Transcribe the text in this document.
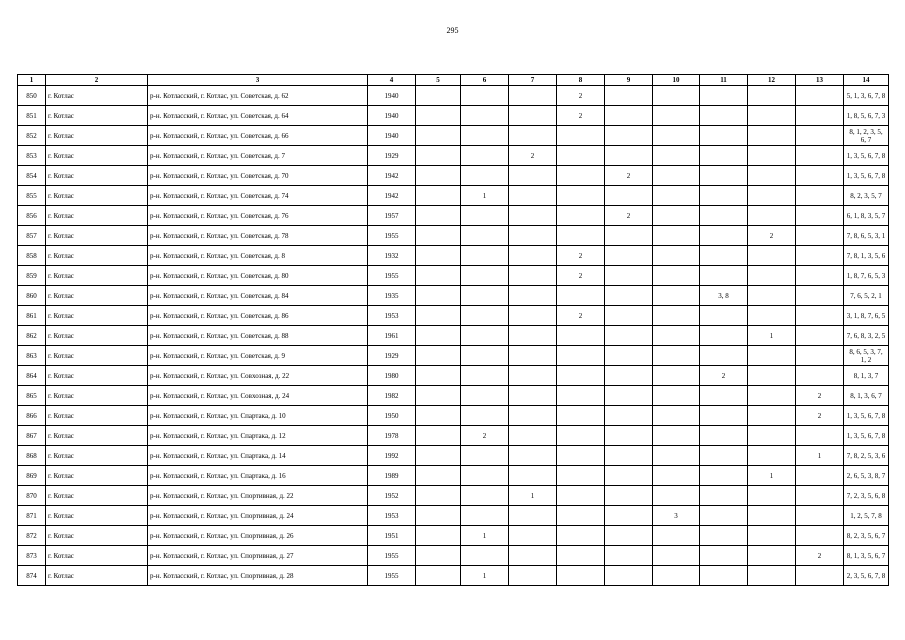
295
1	2	3	4	5	6	7	8	9	10	11	12	13	14
850	г. Котлас	р-н. Котласский, г. Котлас, ул. Советская, д. 62	1940				2						5, 1, 3, 6, 7, 8
851	г. Котлас	р-н. Котласский, г. Котлас, ул. Советская, д. 64	1940				2						1, 8, 5, 6, 7, 3
852	г. Котлас	р-н. Котласский, г. Котлас, ул. Советская, д. 66	1940										8, 1, 2, 3, 5, 6, 7
853	г. Котлас	р-н. Котласский, г. Котлас, ул. Советская, д. 7	1929			2							1, 3, 5, 6, 7, 8
854	г. Котлас	р-н. Котласский, г. Котлас, ул. Советская, д. 70	1942					2					1, 3, 5, 6, 7, 8
855	г. Котлас	р-н. Котласский, г. Котлас, ул. Советская, д. 74	1942		1								8, 2, 3, 5, 7
856	г. Котлас	р-н. Котласский, г. Котлас, ул. Советская, д. 76	1957					2					6, 1, 8, 3, 5, 7
857	г. Котлас	р-н. Котласский, г. Котлас, ул. Советская, д. 78	1955								2		7, 8, 6, 5, 3, 1
858	г. Котлас	р-н. Котласский, г. Котлас, ул. Советская, д. 8	1932				2						7, 8, 1, 3, 5, 6
859	г. Котлас	р-н. Котласский, г. Котлас, ул. Советская, д. 80	1955				2						1, 8, 7, 6, 5, 3
860	г. Котлас	р-н. Котласский, г. Котлас, ул. Советская, д. 84	1935							3, 8			7, 6, 5, 2, 1
861	г. Котлас	р-н. Котласский, г. Котлас, ул. Советская, д. 86	1953				2						3, 1, 8, 7, 6, 5
862	г. Котлас	р-н. Котласский, г. Котлас, ул. Советская, д. 88	1961								1		7, 6, 8, 3, 2, 5
863	г. Котлас	р-н. Котласский, г. Котлас, ул. Советская, д. 9	1929										8, 6, 5, 3, 7, 1, 2
864	г. Котлас	р-н. Котласский, г. Котлас, ул. Совхозная, д. 22	1980							2			8, 1, 3, 7
865	г. Котлас	р-н. Котласский, г. Котлас, ул. Совхозная, д. 24	1982									2	8, 1, 3, 6, 7
866	г. Котлас	р-н. Котласский, г. Котлас, ул. Спартака, д. 10	1950									2	1, 3, 5, 6, 7, 8
867	г. Котлас	р-н. Котласский, г. Котлас, ул. Спартака, д. 12	1978		2								1, 3, 5, 6, 7, 8
868	г. Котлас	р-н. Котласский, г. Котлас, ул. Спартака, д. 14	1992									1	7, 8, 2, 5, 3, 6
869	г. Котлас	р-н. Котласский, г. Котлас, ул. Спартака, д. 16	1989								1		2, 6, 5, 3, 8, 7
870	г. Котлас	р-н. Котласский, г. Котлас, ул. Спортивная, д. 22	1952			1							7, 2, 3, 5, 6, 8
871	г. Котлас	р-н. Котласский, г. Котлас, ул. Спортивная, д. 24	1953						3				1, 2, 5, 7, 8
872	г. Котлас	р-н. Котласский, г. Котлас, ул. Спортивная, д. 26	1951		1								8, 2, 3, 5, 6, 7
873	г. Котлас	р-н. Котласский, г. Котлас, ул. Спортивная, д. 27	1955									2	8, 1, 3, 5, 6, 7
874	г. Котлас	р-н. Котласский, г. Котлас, ул. Спортивная, д. 28	1955		1								2, 3, 5, 6, 7, 8
